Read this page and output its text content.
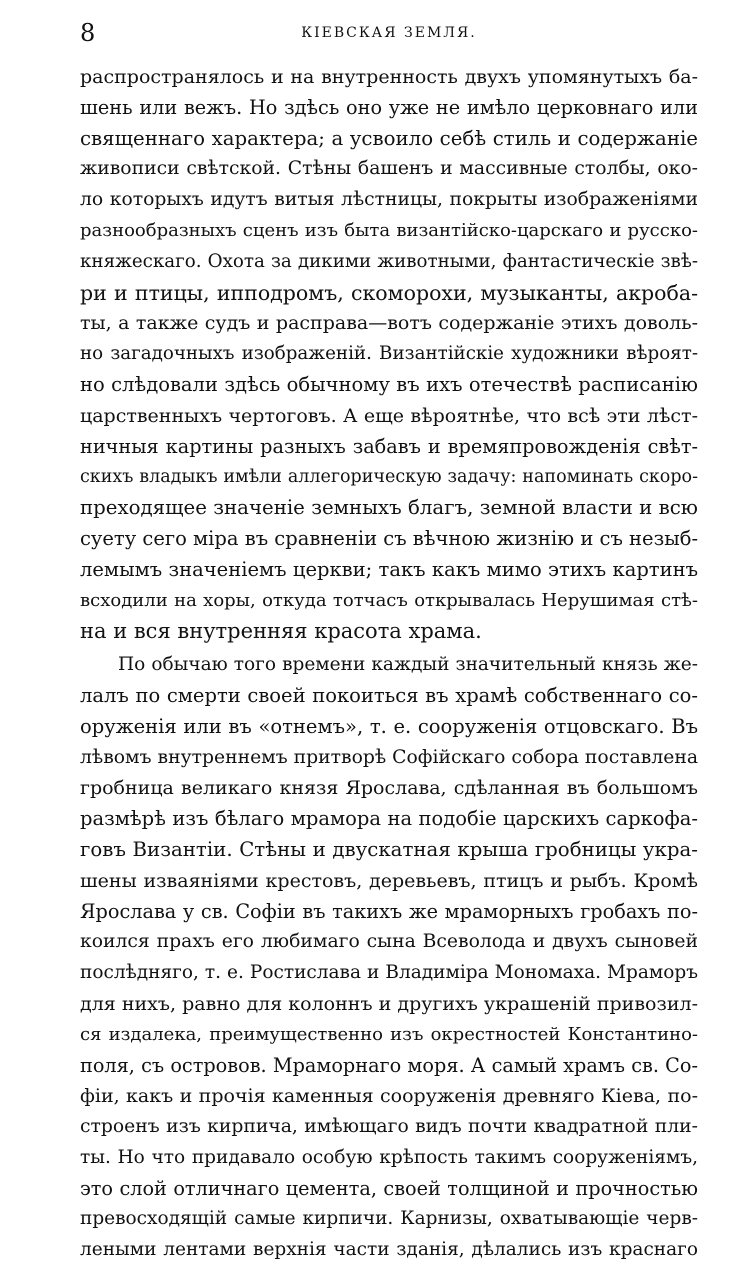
8	КІЕВСКАЯ ЗЕМЛЯ.

распространялось и на внутренность двухъ упомянутыхъ ба-
шень или вежъ. Но здѣсь оно уже не имѣло церковнаго или
священнаго характера; а усвоило себѣ стиль и содержаніе
живописи свѣтской. Стѣны башенъ и массивные столбы, око-
ло которыхъ идутъ витыя лѣстницы, покрыты изображеніями
разнообразныхъ сценъ изъ быта византійско-царскаго и русско-
княжескаго. Охота за дикими животными, фантастическіе звѣ-
ри и птицы, ипподромъ, скоморохи, музыканты, акроба-
ты, а также судъ и расправа—вотъ содержаніе этихъ доволь-
но загадочныхъ изображеній. Византійскіе художники вѣроят-
но слѣдовали здѣсь обычному въ ихъ отечествѣ расписанію
царственныхъ чертоговъ. А еще вѣроятнѣе, что всѣ эти лѣст-
ничныя картины разныхъ забавъ и времяпровожденія свѣт-
скихъ владыкъ имѣли аллегорическую задачу: напоминать скоро-
преходящее значеніе земныхъ благъ, земной власти и всю
суету сего міра въ сравненіи съ вѣчною жизнію и съ незыб-
лемымъ значеніемъ церкви; такъ какъ мимо этихъ картинъ
всходили на хоры, откуда тотчасъ открывалась Нерушимая стѣ-
на и вся внутренняя красота храма.

По обычаю того времени каждый значительный князь же-
лалъ по смерти своей покоиться въ храмѣ собственнаго со-
оруженія или въ «отнемъ», т. е. сооруженія отцовскаго. Въ
лѣвомъ внутреннемъ притворѣ Софійскаго собора поставлена
гробница великаго князя Ярослава, сдѣланная въ большомъ
размѣрѣ изъ бѣлаго мрамора на подобіе царскихъ саркофа-
говъ Византіи. Стѣны и двускатная крыша гробницы укра-
шены изваяніями крестовъ, деревьевъ, птицъ и рыбъ. Кромѣ
Ярослава у св. Софіи въ такихъ же мраморныхъ гробахъ по-
коился прахъ его любимаго сына Всеволода и двухъ сыновей
послѣдняго, т. е. Ростислава и Владиміра Мономаха. Мраморъ
для нихъ, равно для колоннъ и другихъ украшеній привозил-
ся издалека, преимущественно изъ окрестностей Константино-
поля, съ островов. Мраморнаго моря. А самый храмъ св. Со-
фіи, какъ и прочія каменныя сооруженія древняго Кіева, по-
строенъ изъ кирпича, имѣющаго видъ почти квадратной пли-
ты. Но что придавало особую крѣпость такимъ сооруженіямъ,
это слой отличнаго цемента, своей толщиной и прочностью
превосходящій самые кирпичи. Карнизы, охватывающіе черв-
леными лентами верхнія части зданія, дѣлались изъ краснаго
